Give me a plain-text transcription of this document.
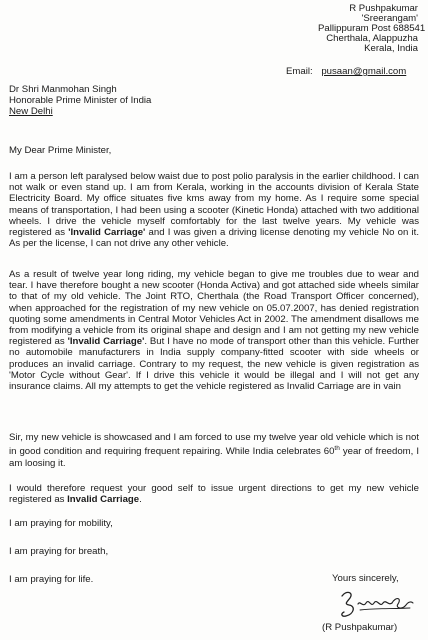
R Pushpakumar
'Sreerangam'
Pallippuram Post 688541
Cherthala, Alappuzha
Kerala, India
Email: pusaan@gmail.com
Dr Shri Manmohan Singh
Honorable Prime Minister of India
New Delhi
My Dear Prime Minister,
I am a person left paralysed below waist due to post polio paralysis in the earlier childhood. I can not walk or even stand up. I am from Kerala, working in the accounts division of Kerala State Electricity Board. My office situates five kms away from my home. As I require some special means of transportation, I had been using a scooter (Kinetic Honda) attached with two additional wheels. I drive the vehicle myself comfortably for the last twelve years. My vehicle was registered as 'Invalid Carriage' and I was given a driving license denoting my vehicle No on it. As per the license, I can not drive any other vehicle.
As a result of twelve year long riding, my vehicle began to give me troubles due to wear and tear. I have therefore bought a new scooter (Honda Activa) and got attached side wheels similar to that of my old vehicle. The Joint RTO, Cherthala (the Road Transport Officer concerned), when approached for the registration of my new vehicle on 05.07.2007, has denied registration quoting some amendments in Central Motor Vehicles Act in 2002. The amendment disallows me from modifying a vehicle from its original shape and design and I am not getting my new vehicle registered as 'Invalid Carriage'. But I have no mode of transport other than this vehicle. Further no automobile manufacturers in India supply company-fitted scooter with side wheels or produces an invalid carriage. Contrary to my request, the new vehicle is given registration as 'Motor Cycle without Gear'. If I drive this vehicle it would be illegal and I will not get any insurance claims. All my attempts to get the vehicle registered as Invalid Carriage are in vain
Sir, my new vehicle is showcased and I am forced to use my twelve year old vehicle which is not in good condition and requiring frequent repairing. While India celebrates 60th year of freedom, I am loosing it.
I would therefore request your good self to issue urgent directions to get my new vehicle registered as Invalid Carriage.
I am praying for mobility,
I am praying for breath,
I am praying for life.	Yours sincerely,
(R Pushpakumar)
